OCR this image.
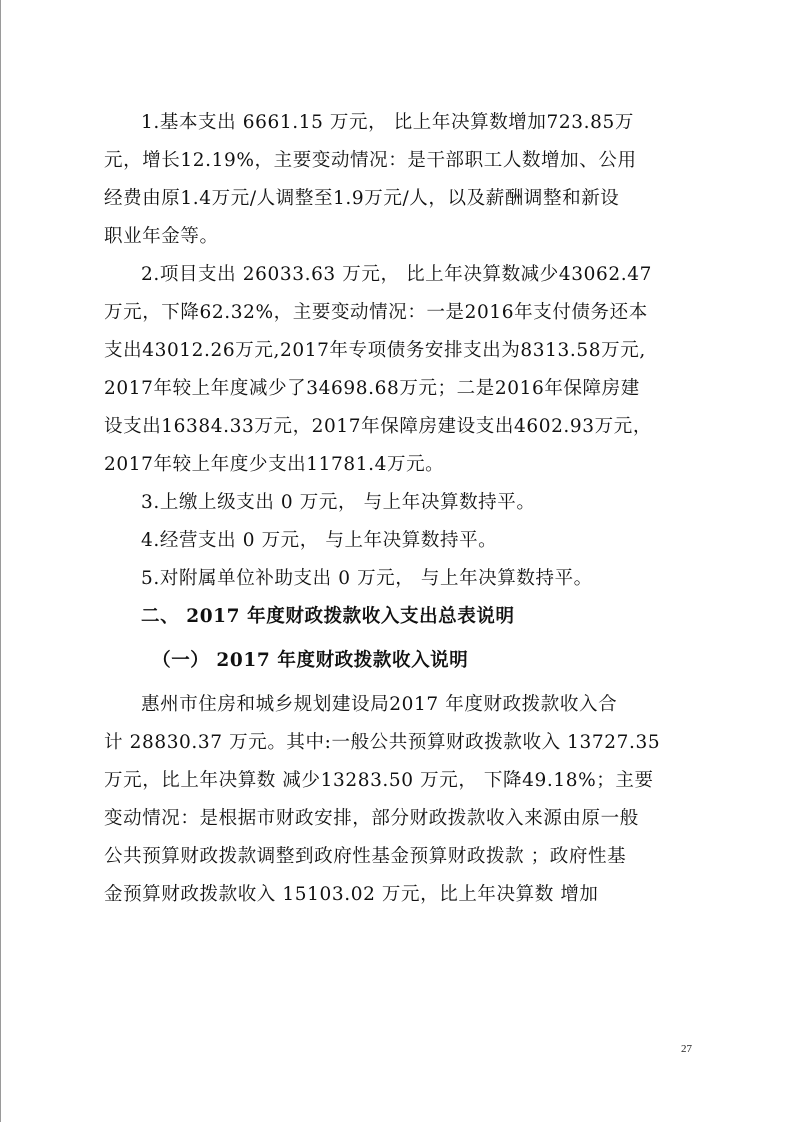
1.基本支出 6661.15 万元， 比上年决算数增加723.85万
元，增长12.19%，主要变动情况：是干部职工人数增加、公用
经费由原1.4万元/人调整至1.9万元/人，以及薪酬调整和新设
职业年金等。

2.项目支出 26033.63 万元， 比上年决算数减少43062.47
万元，下降62.32%，主要变动情况：一是2016年支付债务还本
支出43012.26万元,2017年专项债务安排支出为8313.58万元,
2017年较上年度减少了34698.68万元；二是2016年保障房建
设支出16384.33万元，2017年保障房建设支出4602.93万元，
2017年较上年度少支出11781.4万元。

3.上缴上级支出 0 万元， 与上年决算数持平。

4.经营支出 0 万元， 与上年决算数持平。

5.对附属单位补助支出 0 万元， 与上年决算数持平。

二、 2017 年度财政拨款收入支出总表说明

（一） 2017 年度财政拨款收入说明

惠州市住房和城乡规划建设局2017 年度财政拨款收入合
计 28830.37 万元。其中:一般公共预算财政拨款收入 13727.35
万元，比上年决算数 减少13283.50 万元， 下降49.18%；主要
变动情况：是根据市财政安排，部分财政拨款收入来源由原一般
公共预算财政拨款调整到政府性基金预算财政拨款 ；政府性基
金预算财政拨款收入 15103.02 万元，比上年决算数 增加

27
